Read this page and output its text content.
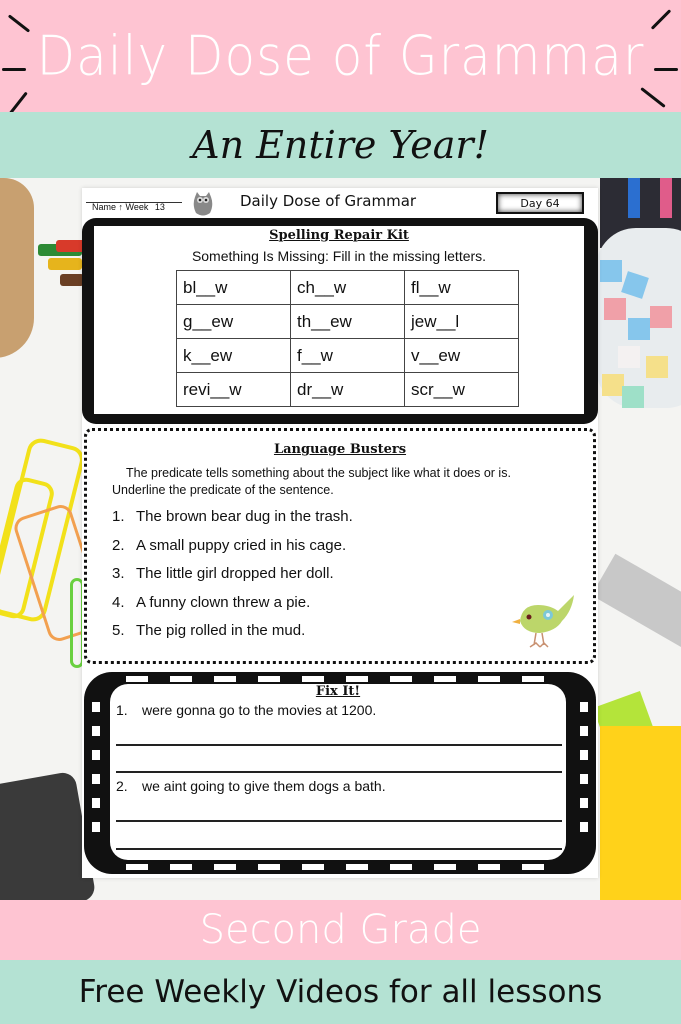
Daily Dose of Grammar
An Entire Year!
Name ↑ Week 13	Daily Dose of Grammar	Day 64
Spelling Repair Kit
Something Is Missing: Fill in the missing letters.
bl__w	ch__w	fl__w
g__ew	th__ew	jew__l
k__ew	f__w	v__ew
revi__w	dr__w	scr__w
Language Busters
The predicate tells something about the subject like what it does or is.
Underline the predicate of the sentence.
1. The brown bear dug in the trash.
2. A small puppy cried in his cage.
3. The little girl dropped her doll.
4. A funny clown threw a pie.
5. The pig rolled in the mud.
Fix It!
1. were gonna go to the movies at 1200.
2. we aint going to give them dogs a bath.
Second Grade
Free Weekly Videos for all lessons
